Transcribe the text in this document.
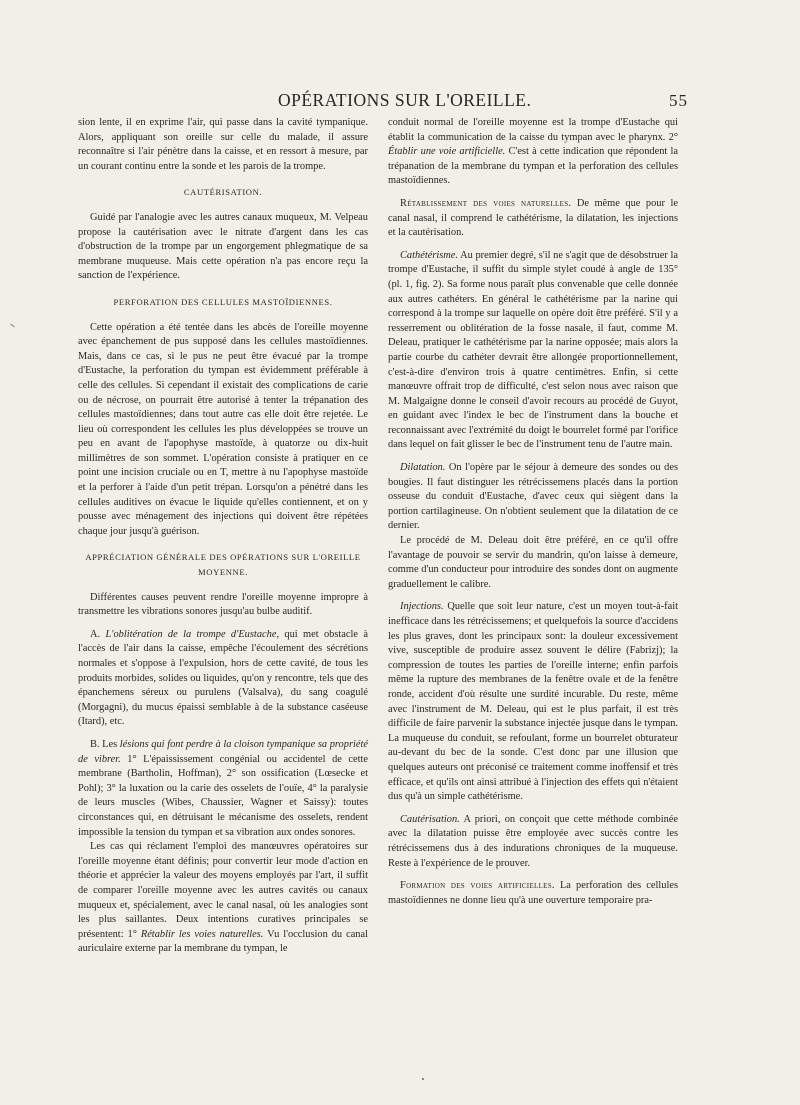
OPÉRATIONS SUR L'OREILLE.	55

sion lente, il en exprime l'air, qui passe dans la cavité tympanique. Alors, appliquant son oreille sur celle du malade, il assure reconnaître si l'air pénètre dans la caisse, et en ressort à mesure, par un courant continu entre la sonde et les parois de la trompe.

CAUTÉRISATION.

Guidé par l'analogie avec les autres canaux muqueux, M. Velpeau propose la cautérisation avec le nitrate d'argent dans les cas d'obstruction de la trompe par un engorgement phlegmatique de sa membrane muqueuse. Mais cette opération n'a pas encore reçu la sanction de l'expérience.

PERFORATION DES CELLULES MASTOÏDIENNES.

Cette opération a été tentée dans les abcès de l'oreille moyenne avec épanchement de pus supposé dans les cellules mastoïdiennes. Mais, dans ce cas, si le pus ne peut être évacué par la trompe d'Eustache, la perforation du tympan est évidemment préférable à celle des cellules. Si cependant il existait des complications de carie ou de nécrose, on pourrait être autorisé à tenter la trépanation des cellules mastoïdiennes; dans tout autre cas elle doit être rejetée. Le lieu où correspondent les cellules les plus développées se trouve un peu en avant de l'apophyse mastoïde, à quatorze ou dix-huit millimètres de son sommet. L'opération consiste à pratiquer en ce point une incision cruciale ou en T, mettre à nu l'apophyse mastoïde et la perforer à l'aide d'un petit trépan. Lorsqu'on a pénétré dans les cellules auditives on évacue le liquide qu'elles contiennent, et on y pousse avec ménagement des injections qui doivent être répétées chaque jour jusqu'à guérison.

APPRÉCIATION GÉNÉRALE DES OPÉRATIONS SUR L'OREILLE MOYENNE.

Différentes causes peuvent rendre l'oreille moyenne impropre à transmettre les vibrations sonores jusqu'au bulbe auditif.

A. L'oblitération de la trompe d'Eustache, qui met obstacle à l'accès de l'air dans la caisse, empêche l'écoulement des sécrétions normales et s'oppose à l'expulsion, hors de cette cavité, de tous les produits morbides, solides ou liquides, qu'on y rencontre, tels que des épanchemens séreux ou purulens (Valsalva), du sang coagulé (Morgagni), du mucus épaissi semblable à de la substance caséeuse (Itard), etc.

B. Les lésions qui font perdre à la cloison tympanique sa propriété de vibrer. 1° L'épaississement congénial ou accidentel de cette membrane (Bartholin, Hoffman), 2° son ossification (Lœsecke et Pohl); 3° la luxation ou la carie des osselets de l'ouïe, 4° la paralysie de leurs muscles (Wibes, Chaussier, Wagner et Saissy): toutes circonstances qui, en détruisant le mécanisme des osselets, rendent impossible la tension du tympan et sa vibration aux ondes sonores.

Les cas qui réclament l'emploi des manœuvres opératoires sur l'oreille moyenne étant définis; pour convertir leur mode d'action en théorie et apprécier la valeur des moyens employés par l'art, il suffit de comparer l'oreille moyenne avec les autres cavités ou canaux muqueux et, spécialement, avec le canal nasal, où les analogies sont les plus saillantes. Deux intentions curatives principales se présentent: 1° Rétablir les voies naturelles. Vu l'occlusion du canal auriculaire externe par la membrane du tympan, le

conduit normal de l'oreille moyenne est la trompe d'Eustache qui établit la communication de la caisse du tympan avec le pharynx. 2° Établir une voie artificielle. C'est à cette indication que répondent la trépanation de la membrane du tympan et la perforation des cellules mastoïdiennes.

Rétablissement des voies naturelles. De même que pour le canal nasal, il comprend le cathétérisme, la dilatation, les injections et la cautérisation.

Cathétérisme. Au premier degré, s'il ne s'agit que de désobstruer la trompe d'Eustache, il suffit du simple stylet coudé à angle de 135° (pl. 1, fig. 2). Sa forme nous paraît plus convenable que celle donnée aux autres cathéters. En général le cathétérisme par la narine qui correspond à la trompe sur laquelle on opère doit être préféré. S'il y a resserrement ou oblitération de la fosse nasale, il faut, comme M. Deleau, pratiquer le cathétérisme par la narine opposée; mais alors la partie courbe du cathéter devrait être allongée proportionnellement, c'est-à-dire d'environ trois à quatre centimètres. Enfin, si cette manœuvre offrait trop de difficulté, c'est selon nous avec raison que M. Malgaigne donne le conseil d'avoir recours au procédé de Guyot, en guidant avec l'index le bec de l'instrument dans la bouche et reconnaissant avec l'extrémité du doigt le bourrelet formé par l'orifice dans lequel on fait glisser le bec de l'instrument tenu de l'autre main.

Dilatation. On l'opère par le séjour à demeure des sondes ou des bougies. Il faut distinguer les rétrécissemens placés dans la portion osseuse du conduit d'Eustache, d'avec ceux qui siègent dans la portion cartilagineuse. On n'obtient seulement que la dilatation de ce dernier.

Le procédé de M. Deleau doit être préféré, en ce qu'il offre l'avantage de pouvoir se servir du mandrin, qu'on laisse à demeure, comme d'un conducteur pour introduire des sondes dont on augmente graduellement le calibre.

Injections. Quelle que soit leur nature, c'est un moyen tout-à-fait inefficace dans les rétrécissemens; et quelquefois la source d'accidens les plus graves, dont les principaux sont: la douleur excessivement vive, susceptible de produire assez souvent le délire (Fabrizj); la compression de toutes les parties de l'oreille interne; enfin parfois même la rupture des membranes de la fenêtre ovale et de la fenêtre ronde, accident d'où résulte une surdité incurable. Du reste, même avec l'instrument de M. Deleau, qui est le plus parfait, il est très difficile de faire parvenir la substance injectée jusque dans le tympan. La muqueuse du conduit, se refoulant, forme un bourrelet obturateur au-devant du bec de la sonde. C'est donc par une illusion que quelques auteurs ont préconisé ce traitement comme inoffensif et très efficace, et qu'ils ont ainsi attribué à l'injection des effets qui n'étaient dus qu'à un simple cathétérisme.

Cautérisation. A priori, on conçoit que cette méthode combinée avec la dilatation puisse être employée avec succès contre les rétrécissemens dus à des indurations chroniques de la muqueuse. Reste à l'expérience de le prouver.

Formation des voies artificielles. La perforation des cellules mastoïdiennes ne donne lieu qu'à une ouverture temporaire pra-
